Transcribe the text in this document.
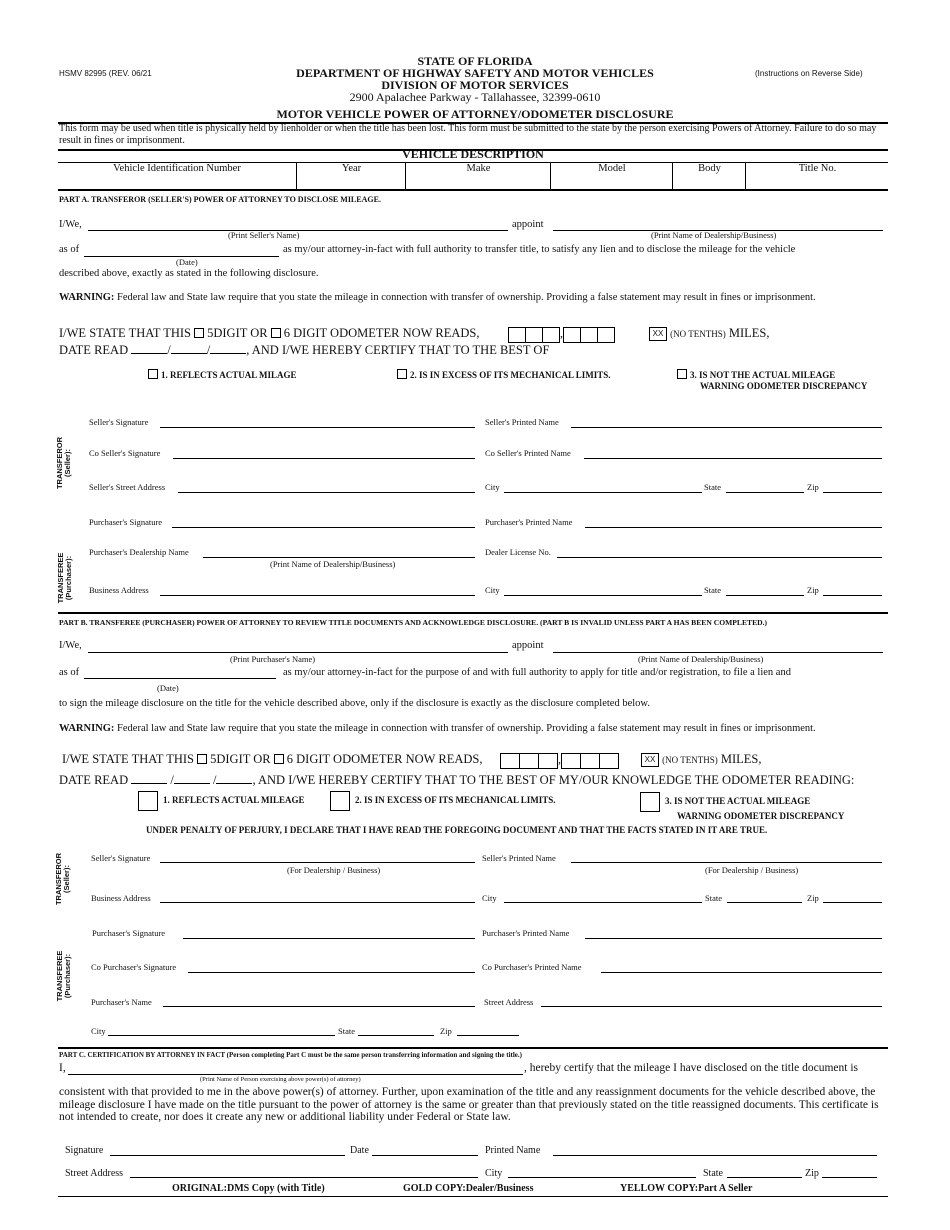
HSMV 82995 (REV. 06/21	(Instructions on Reverse Side)
STATE OF FLORIDA
DEPARTMENT OF HIGHWAY SAFETY AND MOTOR VEHICLES
DIVISION OF MOTOR SERVICES
2900 Apalachee Parkway - Tallahassee, 32399-0610
MOTOR VEHICLE POWER OF ATTORNEY/ODOMETER DISCLOSURE
This form may be used when title is physically held by lienholder or when the title has been lost. This form must be submitted to the state by the person exercising Powers of Attorney. Failure to do so may result in fines or imprisonment.
VEHICLE DESCRIPTION
Vehicle Identification Number	Year	Make	Model	Body	Title No.
PART A. TRANSFEROR (SELLER'S) POWER OF ATTORNEY TO DISCLOSE MILEAGE.
I/We,	appoint
(Print Seller's Name)	(Print Name of Dealership/Business)
as of	as my/our attorney-in-fact with full authority to transfer title, to satisfy any lien and to disclose the mileage for the vehicle
(Date)
described above, exactly as stated in the following disclosure.
WARNING: Federal law and State law require that you state the mileage in connection with transfer of ownership. Providing a false statement may result in fines or imprisonment.
I/WE STATE THAT THIS 5DIGIT OR 6 DIGIT ODOMETER NOW READS,	,	XX (NO TENTHS) MILES,
DATE READ	/	/	, AND I/WE HEREBY CERTIFY THAT TO THE BEST OF
1. REFLECTS ACTUAL MILAGE	2. IS IN EXCESS OF ITS MECHANICAL LIMITS.	3. IS NOT THE ACTUAL MILEAGE
WARNING ODOMETER DISCREPANCY
TRANSFEROR
(Seller):
Seller's Signature	Seller's Printed Name
Co Seller's Signature	Co Seller's Printed Name
Seller's Street Address	City	State	Zip
TRANSFEREE
(Purchaser):
Purchaser's Signature	Purchaser's Printed Name
Purchaser's Dealership Name	Dealer License No.
(Print Name of Dealership/Business)
Business Address	City	State	Zip
PART B. TRANSFEREE (PURCHASER) POWER OF ATTORNEY TO REVIEW TITLE DOCUMENTS AND ACKNOWLEDGE DISCLOSURE. (PART B IS INVALID UNLESS PART A HAS BEEN COMPLETED.)
I/We,	appoint
(Print Purchaser's Name)	(Print Name of Dealership/Business)
as of	as my/our attorney-in-fact for the purpose of and with full authority to apply for title and/or registration, to file a lien and
(Date)
to sign the mileage disclosure on the title for the vehicle described above, only if the disclosure is exactly as the disclosure completed below.
WARNING: Federal law and State law require that you state the mileage in connection with transfer of ownership. Providing a false statement may result in fines or imprisonment.
I/WE STATE THAT THIS 5DIGIT OR 6 DIGIT ODOMETER NOW READS,	,	XX (NO TENTHS) MILES,
DATE READ	/	/	, AND I/WE HEREBY CERTIFY THAT TO THE BEST OF MY/OUR KNOWLEDGE THE ODOMETER READING:
1. REFLECTS ACTUAL MILEAGE	2. IS IN EXCESS OF ITS MECHANICAL LIMITS.	3. IS NOT THE ACTUAL MILEAGE
WARNING ODOMETER DISCREPANCY
UNDER PENALTY OF PERJURY, I DECLARE THAT I HAVE READ THE FOREGOING DOCUMENT AND THAT THE FACTS STATED IN IT ARE TRUE.
TRANSFEROR
(Seller):
Seller's Signature	Seller's Printed Name
(For Dealership / Business)	(For Dealership / Business)
Business Address	City	State	Zip
TRANSFEREE
(Purchaser):
Purchaser's Signature	Purchaser's Printed Name
Co Purchaser's Signature	Co Purchaser's Printed Name
Purchaser's Name	Street Address
City	State	Zip
PART C. CERTIFICATION BY ATTORNEY IN FACT (Person completing Part C must be the same person transferring information and signing the title.)
I,	, hereby certify that the mileage I have disclosed on the title document is
(Print Name of Person exercising above power(s) of attorney)
consistent with that provided to me in the above power(s) of attorney. Further, upon examination of the title and any reassignment documents for the vehicle described above, the mileage disclosure I have made on the title pursuant to the power of attorney is the same or greater than that previously stated on the title reassigned documents. This certificate is not intended to create, nor does it create any new or additional liability under Federal or State law.
Signature	Date	Printed Name
Street Address	City	State	Zip
ORIGINAL:DMS Copy (with Title)	GOLD COPY:Dealer/Business	YELLOW COPY:Part A Seller
